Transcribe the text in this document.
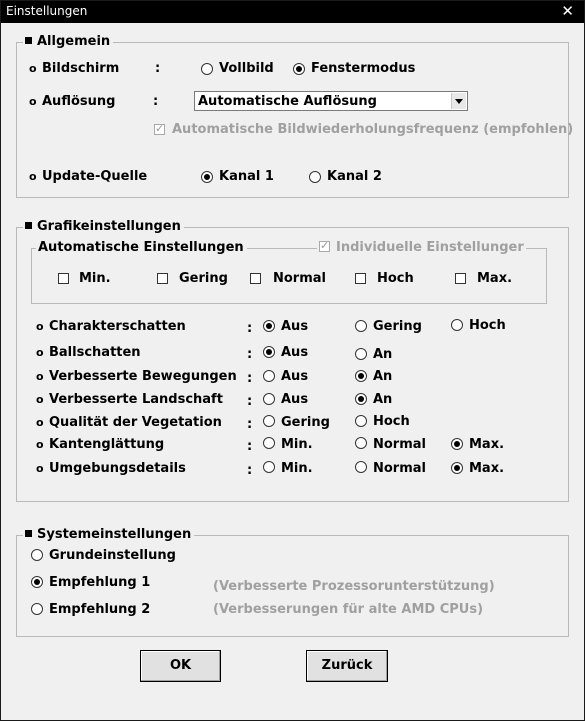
Einstellungen	✕
Allgemein
o Bildschirm	:	Vollbild	Fenstermodus
o Auflösung	:	Automatische Auflösung
✓
Automatische Bildwiederholungsfrequenz (empfohlen)
o Update-Quelle	Kanal 1	Kanal 2
Grafikeinstellungen
Automatische Einstellungen
✓	Individuelle Einstellunger
Min.	Gering	Normal	Hoch	Max.
o Charakterschatten	: Aus	Gering	Hoch
o Ballschatten	: Aus	An
o Verbesserte Bewegungen : Aus	An
o Verbesserte Landschaft : Aus	An
o Qualität der Vegetation : Gering	Hoch
o Kantenglättung	: Min.	Normal	Max.
o Umgebungsdetails	: Min.	Normal	Max.
Systemeinstellungen
Grundeinstellung
Empfehlung 1	(Verbesserte Prozessorunterstützung)
Empfehlung 2	(Verbesserungen für alte AMD CPUs)
OK	Zurück
